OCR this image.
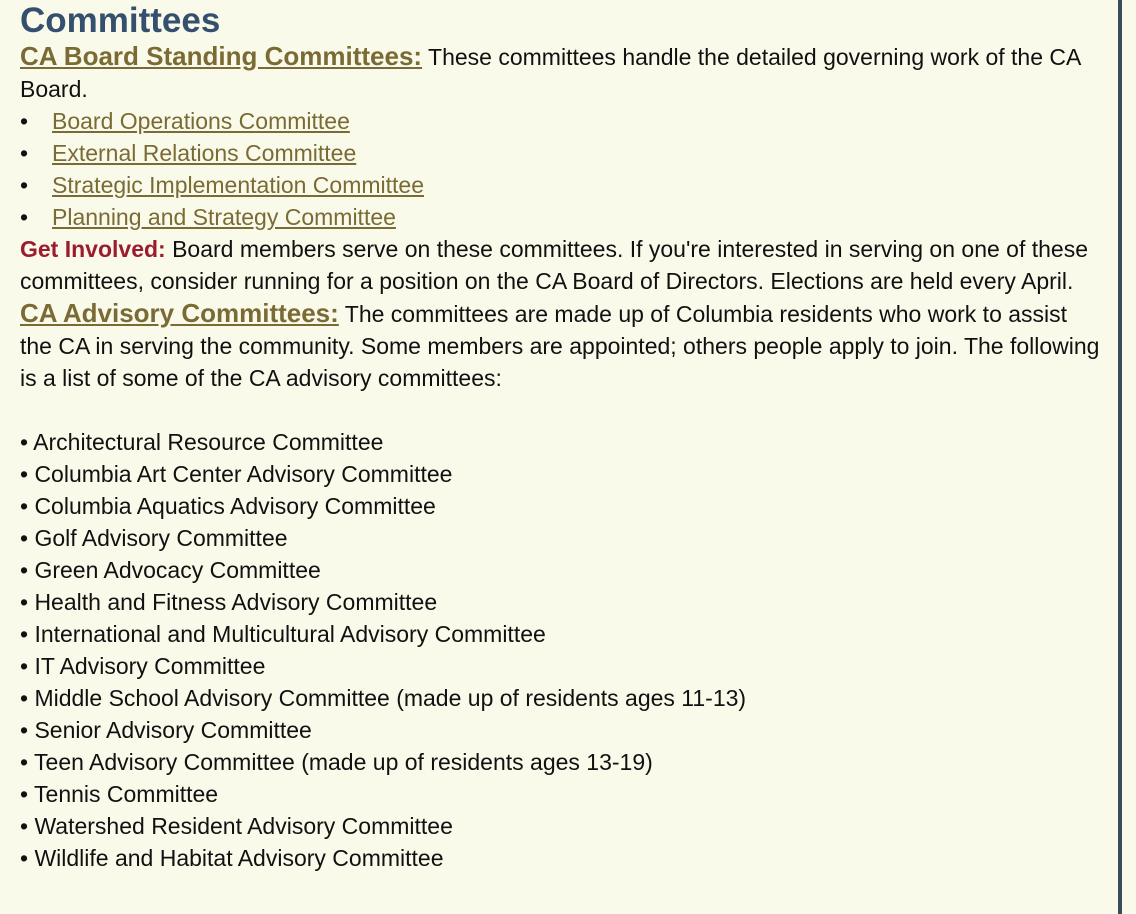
Committees

CA Board Standing Committees: These committees handle the detailed governing work of the CA Board.

• Board Operations Committee
• External Relations Committee
• Strategic Implementation Committee
• Planning and Strategy Committee

Get Involved: Board members serve on these committees. If you're interested in serving on one of these committees, consider running for a position on the CA Board of Directors. Elections are held every April.

CA Advisory Committees: The committees are made up of Columbia residents who work to assist the CA in serving the community. Some members are appointed; others people apply to join. The following is a list of some of the CA advisory committees:

• Architectural Resource Committee

• Columbia Art Center Advisory Committee

• Columbia Aquatics Advisory Committee

• Golf Advisory Committee

• Green Advocacy Committee

• Health and Fitness Advisory Committee

• International and Multicultural Advisory Committee

• IT Advisory Committee

• Middle School Advisory Committee (made up of residents ages 11-13)

• Senior Advisory Committee

• Teen Advisory Committee (made up of residents ages 13-19)

• Tennis Committee

• Watershed Resident Advisory Committee

• Wildlife and Habitat Advisory Committee
